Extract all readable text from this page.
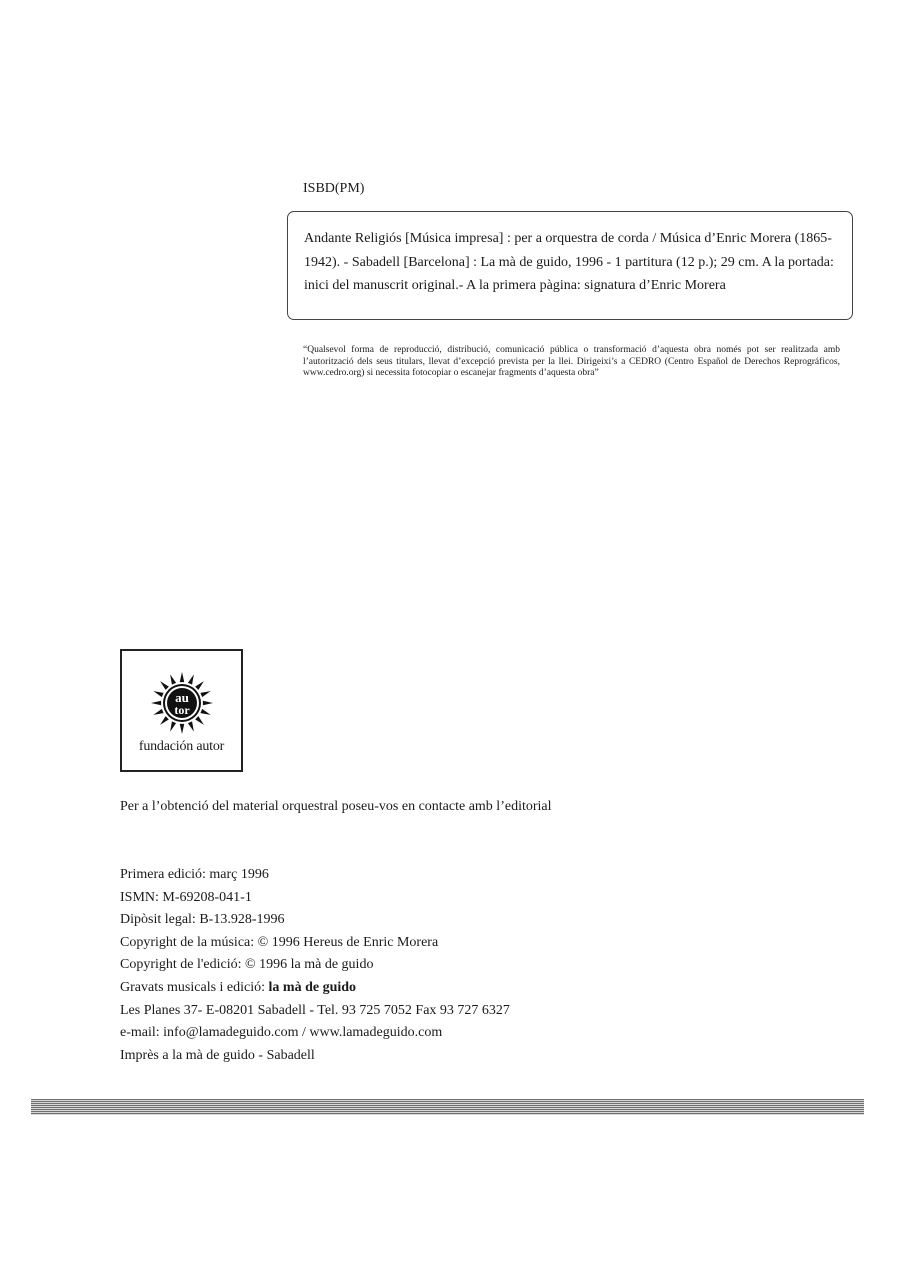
ISBD(PM)

Andante Religiós [Música impresa] : per a orquestra de corda / Música d’Enric Morera (1865-1942). - Sabadell [Barcelona] : La mà de guido, 1996 - 1 partitura (12 p.); 29 cm. A la portada: inici del manuscrit original.- A la primera pàgina: signatura d’Enric Morera

“Qualsevol forma de reproducció, distribució, comunicació pública o transformació d’aquesta obra només pot ser realitzada amb l’autorització dels seus titulars, llevat d’excepció prevista per la llei. Dirigeixi’s a CEDRO (Centro Español de Derechos Reprográficos, www.cedro.org) si necessita fotocopiar o escanejar fragments d’aquesta obra”

au
tor
fundación autor
Per a l’obtenció del material orquestral poseu-vos en contacte amb l’editorial
Primera edició: març 1996
ISMN: M-69208-041-1
Dipòsit legal: B-13.928-1996
Copyright de la música: © 1996 Hereus de Enric Morera
Copyright de l'edició: © 1996 la mà de guido
Gravats musicals i edició: la mà de guido
Les Planes 37- E-08201 Sabadell - Tel. 93 725 7052 Fax 93 727 6327
e-mail: info@lamadeguido.com / www.lamadeguido.com
Imprès a la mà de guido - Sabadell
